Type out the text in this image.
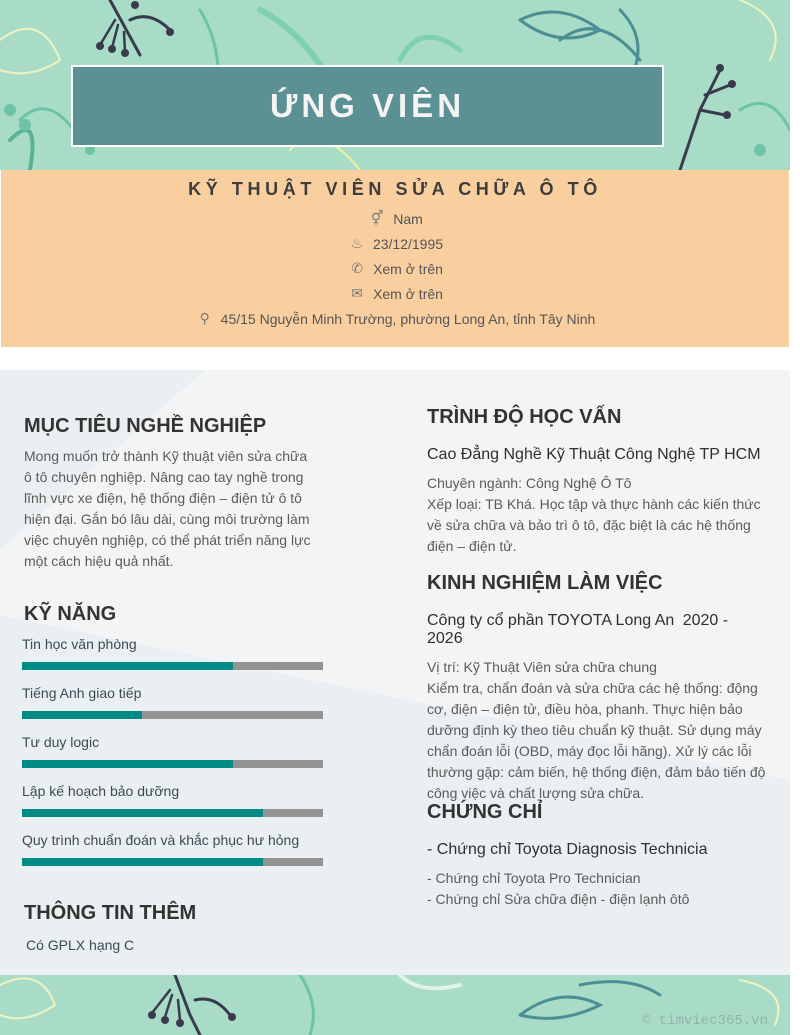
ỨNG VIÊN
KỸ THUẬT VIÊN SỬA CHỮA Ô TÔ
⚥ Nam
♨ 23/12/1995
✆ Xem ở trên
✉ Xem ở trên
⚲ 45/15 Nguyễn Minh Trường, phường Long An, tỉnh Tây Ninh
MỤC TIÊU NGHỀ NGHIỆP
Mong muốn trở thành Kỹ thuật viên sửa chữa ô tô chuyên nghiệp. Nâng cao tay nghề trong lĩnh vực xe điện, hệ thống điện – điện tử ô tô hiện đại. Gắn bó lâu dài, cùng môi trường làm việc chuyên nghiệp, có thể phát triển năng lực một cách hiệu quả nhất.
KỸ NĂNG
Tin học văn phòng
Tiếng Anh giao tiếp
Tư duy logic
Lập kế hoạch bảo dưỡng
Quy trình chuẩn đoán và khắc phục hư hỏng
THÔNG TIN THÊM
Có GPLX hạng C
TRÌNH ĐỘ HỌC VẤN
Cao Đẳng Nghề Kỹ Thuật Công Nghệ TP HCM
Chuyên ngành: Công Nghệ Ô Tô
Xếp loại: TB Khá. Học tập và thực hành các kiến thức về sửa chữa và bảo trì ô tô, đặc biệt là các hệ thống điện – điện tử.
KINH NGHIỆM LÀM VIỆC
Công ty cổ phần TOYOTA Long An 2020 - 2026
Vị trí: Kỹ Thuật Viên sửa chữa chung
Kiểm tra, chẩn đoán và sửa chữa các hệ thống: động cơ, điện – điện tử, điều hòa, phanh. Thực hiện bảo dưỡng định kỳ theo tiêu chuẩn kỹ thuật. Sử dụng máy chẩn đoán lỗi (OBD, máy đọc lỗi hãng). Xử lý các lỗi thường gặp: cảm biến, hệ thống điện, đảm bảo tiến độ công việc và chất lượng sửa chữa.
CHỨNG CHỈ
- Chứng chỉ Toyota Diagnosis Technicia
- Chứng chỉ Toyota Pro Technician
- Chứng chỉ Sửa chữa điện - điện lạnh ôtô
© timviec365.vn
